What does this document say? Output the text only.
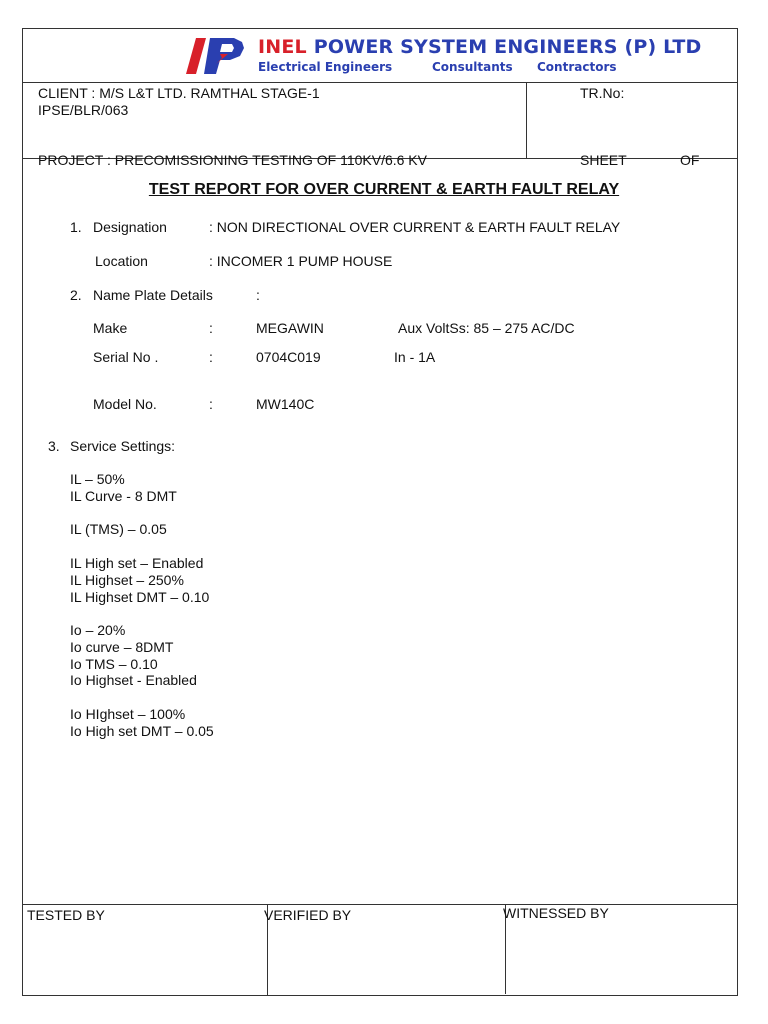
INEL POWER SYSTEM ENGINEERS (P) LTD
Electrical Engineers	Consultants Contractors
CLIENT : M/S L&T LTD. RAMTHAL STAGE-1
IPSE/BLR/063
TR.No:
PROJECT : PRECOMISSIONING TESTING OF 110KV/6.6 KV	SHEET	OF
TEST REPORT FOR OVER CURRENT & EARTH FAULT RELAY
1. Designation	: NON DIRECTIONAL OVER CURRENT & EARTH FAULT RELAY
Location	: INCOMER 1 PUMP HOUSE
2. Name Plate Details	:
Make	:	MEGAWIN	Aux VoltSs: 85 – 275 AC/DC
Serial No .	:	0704C019	In - 1A
Model No.	:	MW140C
3. Service Settings:
IL – 50%
IL Curve - 8 DMT
IL (TMS) – 0.05
IL High set – Enabled
IL Highset – 250%
IL Highset DMT – 0.10
Io – 20%
Io curve – 8DMT
Io TMS – 0.10
Io Highset - Enabled
Io HIghset – 100%
Io High set DMT – 0.05
TESTED BY	VERIFIED BY	WITNESSED BY
